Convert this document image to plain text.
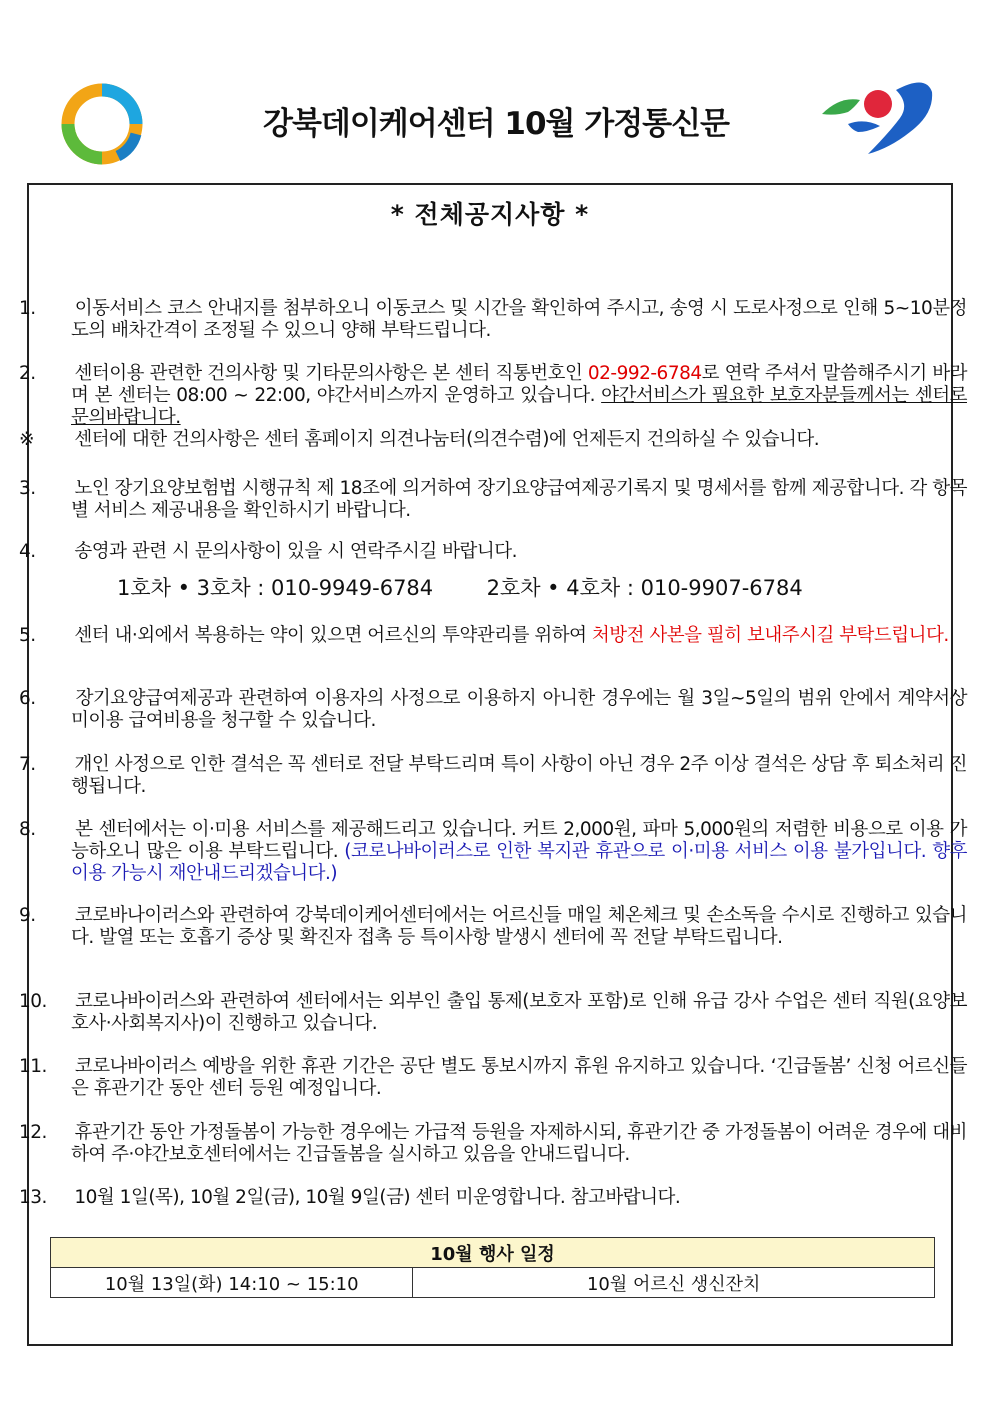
강북데이케어센터 10월 가정통신문
* 전체공지사항 *
1. 이동서비스 코스 안내지를 첨부하오니 이동코스 및 시간을 확인하여 주시고, 송영 시 도로사정으로 인해 5~10분정도의 배차간격이 조정될 수 있으니 양해 부탁드립니다.
2. 센터이용 관련한 건의사항 및 기타문의사항은 본 센터 직통번호인 02-992-6784로 연락 주셔서 말씀해주시기 바라며 본 센터는 08:00 ~ 22:00, 야간서비스까지 운영하고 있습니다. 야간서비스가 필요한 보호자분들께서는 센터로 문의바랍니다.
※ 센터에 대한 건의사항은 센터 홈페이지 의견나눔터(의견수렴)에 언제든지 건의하실 수 있습니다.
3. 노인 장기요양보험법 시행규칙 제 18조에 의거하여 장기요양급여제공기록지 및 명세서를 함께 제공합니다. 각 항목별 서비스 제공내용을 확인하시기 바랍니다.
4. 송영과 관련 시 문의사항이 있을 시 연락주시길 바랍니다.
1호차 • 3호차 : 010-9949-6784	2호차 • 4호차 : 010-9907-6784
5. 센터 내·외에서 복용하는 약이 있으면 어르신의 투약관리를 위하여 처방전 사본을 필히 보내주시길 부탁드립니다.
6. 장기요양급여제공과 관련하여 이용자의 사정으로 이용하지 아니한 경우에는 월 3일~5일의 범위 안에서 계약서상 미이용 급여비용을 청구할 수 있습니다.
7. 개인 사정으로 인한 결석은 꼭 센터로 전달 부탁드리며 특이 사항이 아닌 경우 2주 이상 결석은 상담 후 퇴소처리 진행됩니다.
8. 본 센터에서는 이·미용 서비스를 제공해드리고 있습니다. 커트 2,000원, 파마 5,000원의 저렴한 비용으로 이용 가능하오니 많은 이용 부탁드립니다. (코로나바이러스로 인한 복지관 휴관으로 이·미용 서비스 이용 불가입니다. 향후 이용 가능시 재안내드리겠습니다.)
9. 코로바나이러스와 관련하여 강북데이케어센터에서는 어르신들 매일 체온체크 및 손소독을 수시로 진행하고 있습니다. 발열 또는 호흡기 증상 및 확진자 접촉 등 특이사항 발생시 센터에 꼭 전달 부탁드립니다.
10. 코로나바이러스와 관련하여 센터에서는 외부인 출입 통제(보호자 포함)로 인해 유급 강사 수업은 센터 직원(요양보호사·사회복지사)이 진행하고 있습니다.
11. 코로나바이러스 예방을 위한 휴관 기간은 공단 별도 통보시까지 휴원 유지하고 있습니다. ‘긴급돌봄’ 신청 어르신들은 휴관기간 동안 센터 등원 예정입니다.
12. 휴관기간 동안 가정돌봄이 가능한 경우에는 가급적 등원을 자제하시되, 휴관기간 중 가정돌봄이 어려운 경우에 대비하여 주·야간보호센터에서는 긴급돌봄을 실시하고 있음을 안내드립니다.
13. 10월 1일(목), 10월 2일(금), 10월 9일(금) 센터 미운영합니다. 참고바랍니다.
10월 행사 일정
10월 13일(화) 14:10 ~ 15:10	10월 어르신 생신잔치
